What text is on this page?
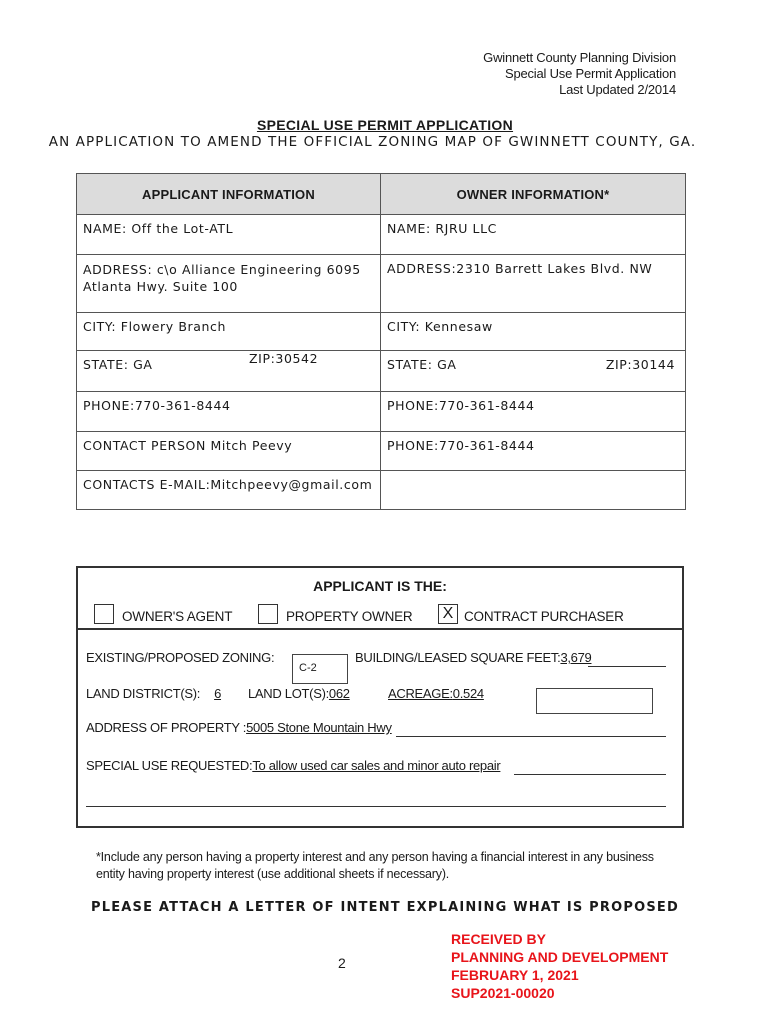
Gwinnett County Planning Division
Special Use Permit Application
Last Updated 2/2014
SPECIAL USE PERMIT APPLICATION
AN APPLICATION TO AMEND THE OFFICIAL ZONING MAP OF GWINNETT COUNTY, GA.
APPLICANT INFORMATION	OWNER INFORMATION*
NAME: Off the Lot-ATL	NAME: RJRU LLC
ADDRESS: c\o Alliance Engineering 6095 Atlanta Hwy. Suite 100	ADDRESS:2310 Barrett Lakes Blvd. NW
CITY: Flowery Branch	CITY: Kennesaw
STATE: GA ZIP:30542	STATE: GA ZIP:30144

PHONE:770-361-8444	PHONE:770-361-8444
CONTACT PERSON Mitch Peevy	PHONE:770-361-8444
CONTACTS E-MAIL:Mitchpeevy@gmail.com	
APPLICANT IS THE:
OWNER'S AGENT	PROPERTY OWNER X CONTRACT PURCHASER
EXISTING/PROPOSED ZONING:
C-2
BUILDING/LEASED SQUARE FEET:3,679
LAND DISTRICT(S): 6	LAND LOT(S):062	ACREAGE:0.524
ADDRESS OF PROPERTY :5005 Stone Mountain Hwy
SPECIAL USE REQUESTED:To allow used car sales and minor auto repair
*Include any person having a property interest and any person having a financial interest in any business entity having property interest (use additional sheets if necessary).
PLEASE ATTACH A LETTER OF INTENT EXPLAINING WHAT IS PROPOSED
2
RECEIVED BY
PLANNING AND DEVELOPMENT
FEBRUARY 1, 2021
SUP2021-00020
